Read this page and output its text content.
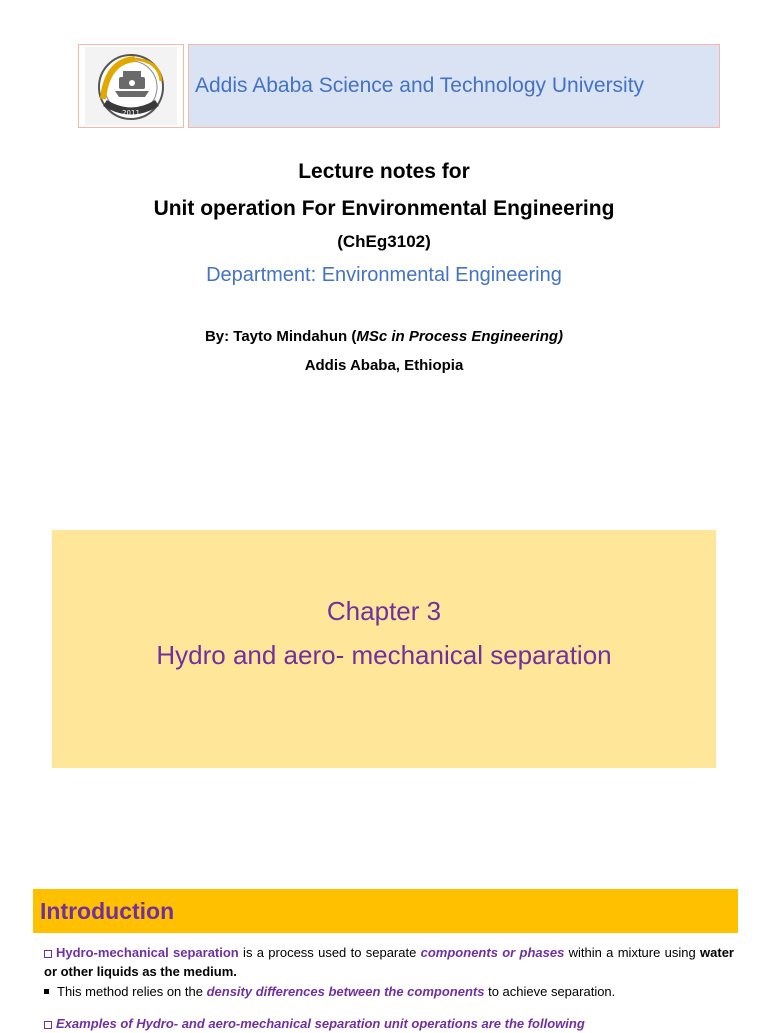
2011
Addis Ababa Science and Technology University
Lecture notes for
Unit operation For Environmental Engineering
(ChEg3102)
Department: Environmental Engineering
By: Tayto Mindahun (MSc in Process Engineering)
Addis Ababa, Ethiopia
Chapter 3
Hydro and aero- mechanical separation
Introduction
Hydro-mechanical separation is a process used to separate components or phases within a mixture using water or other liquids as the medium.
This method relies on the density differences between the components to achieve separation.
Examples of Hydro- and aero-mechanical separation unit operations are the following
